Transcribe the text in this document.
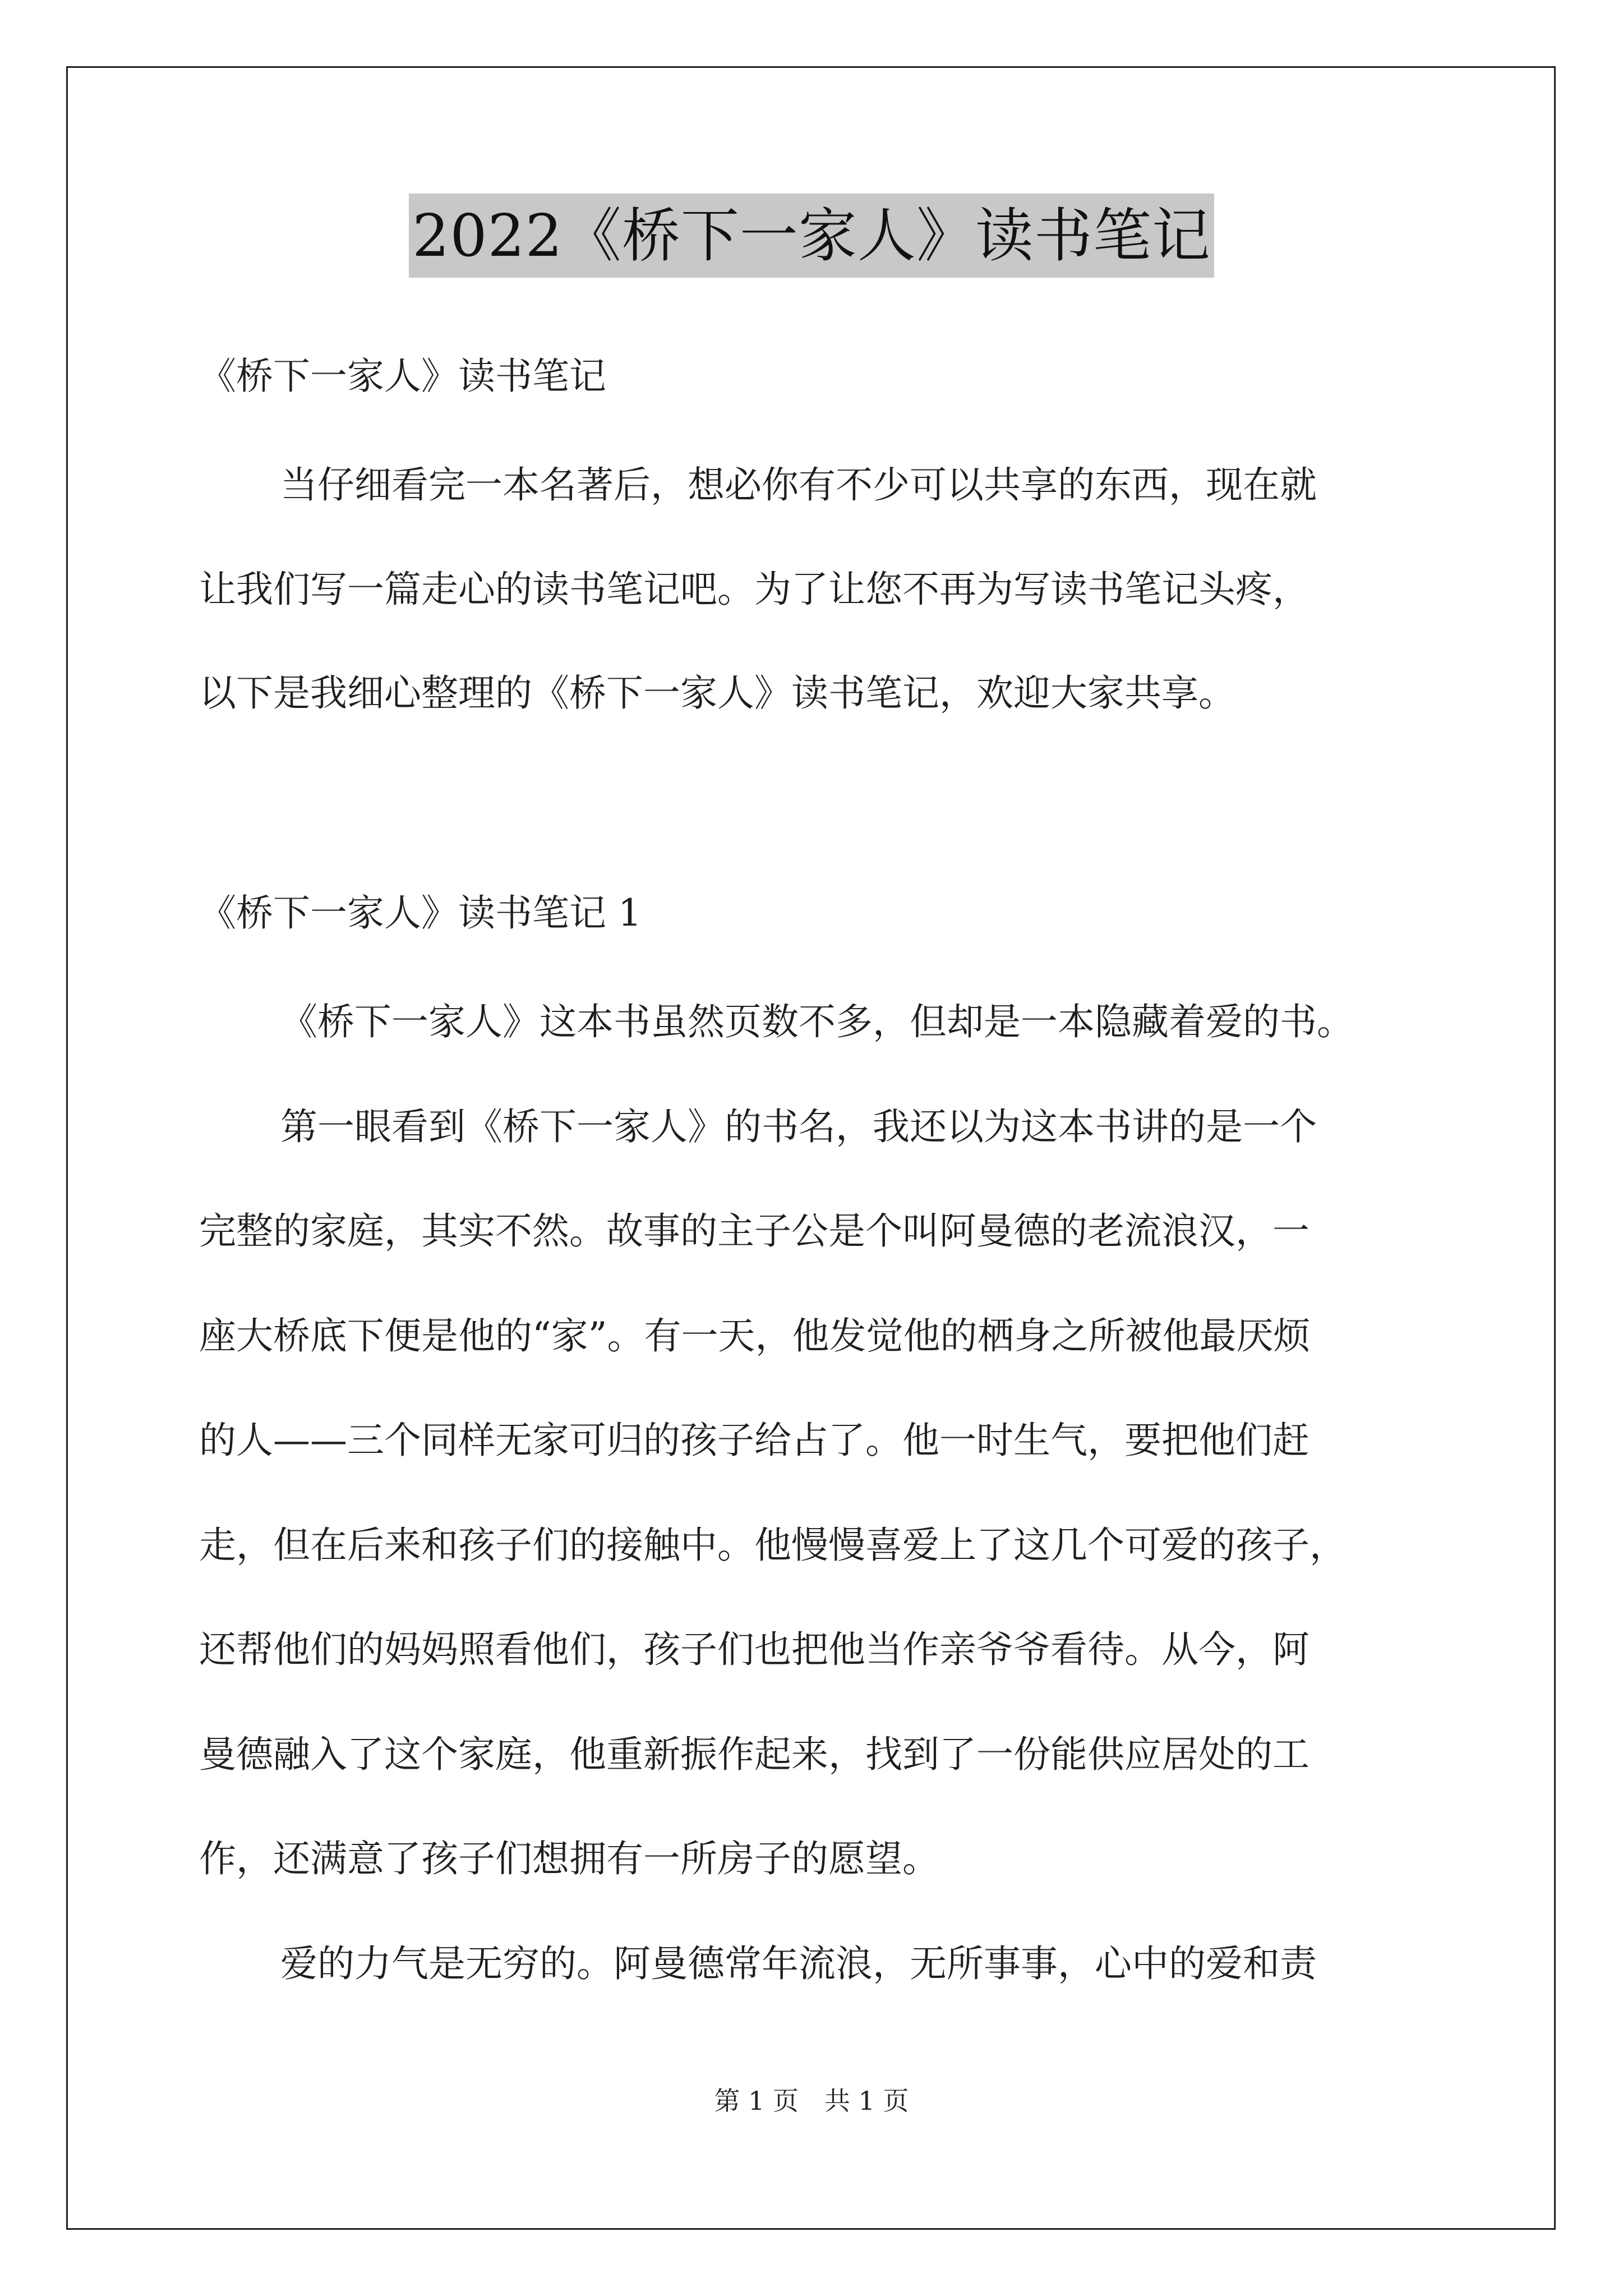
2022《桥下一家人》读书笔记
《桥下一家人》读书笔记
当仔细看完一本名著后，想必你有不少可以共享的东西，现在就
让我们写一篇走心的读书笔记吧。为了让您不再为写读书笔记头疼，
以下是我细心整理的《桥下一家人》读书笔记，欢迎大家共享。
《桥下一家人》读书笔记 1
《桥下一家人》这本书虽然页数不多，但却是一本隐藏着爱的书。
第一眼看到《桥下一家人》的书名，我还以为这本书讲的是一个
完整的家庭，其实不然。故事的主子公是个叫阿曼德的老流浪汉，一
座大桥底下便是他的“家”。有一天，他发觉他的栖身之所被他最厌烦
的人——三个同样无家可归的孩子给占了。他一时生气，要把他们赶
走，但在后来和孩子们的接触中。他慢慢喜爱上了这几个可爱的孩子，
还帮他们的妈妈照看他们，孩子们也把他当作亲爷爷看待。从今，阿
曼德融入了这个家庭，他重新振作起来，找到了一份能供应居处的工
作，还满意了孩子们想拥有一所房子的愿望。
爱的力气是无穷的。阿曼德常年流浪，无所事事，心中的爱和责
第 1 页　共 1 页
